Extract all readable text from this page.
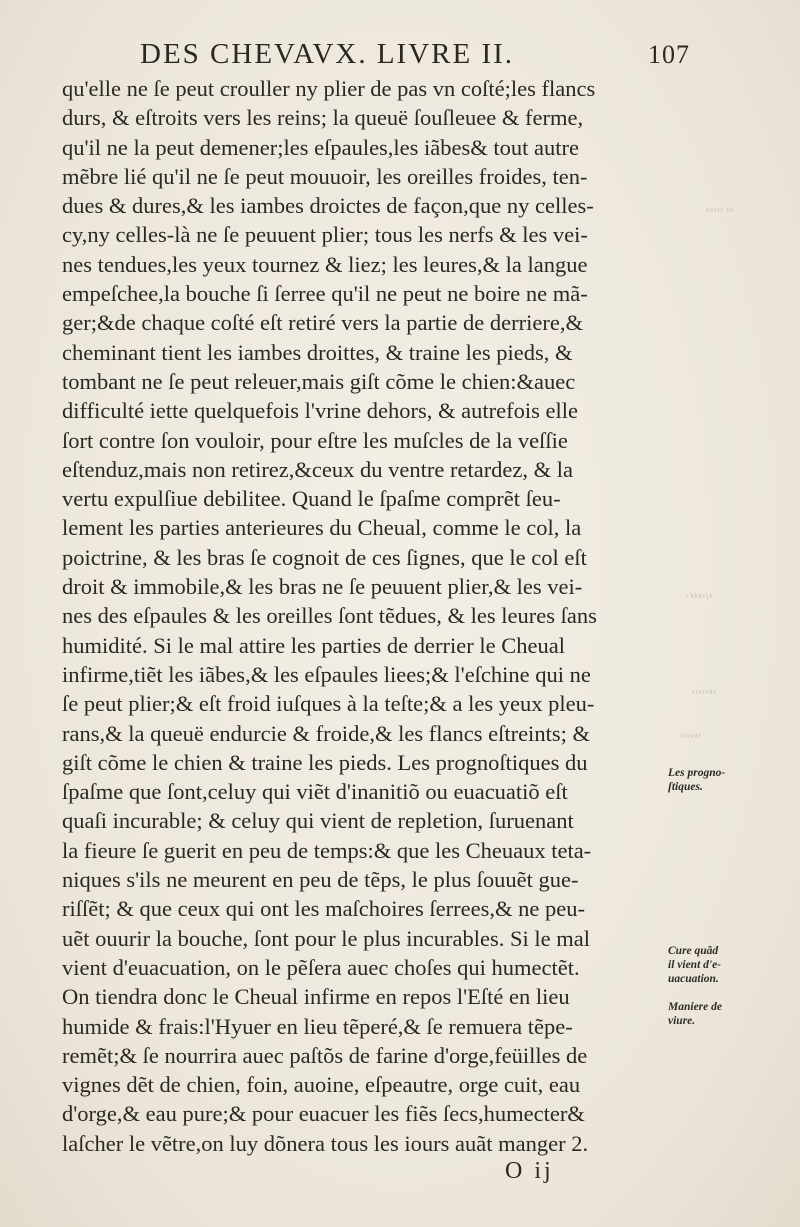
DES CHEVAVX. LIVRE II.	107
qu'elle ne ſe peut crouller ny plier de pas vn coſté;les flancs
durs, & eſtroits vers les reins; la queuë ſouſleuee & ferme,
qu'il ne la peut demener;les eſpaules,les iãbes& tout autre
mẽbre lié qu'il ne ſe peut mouuoir, les oreilles froides, ten-
dues & dures,& les iambes droictes de façon,que ny celles-
cy,ny celles-là ne ſe peuuent plier; tous les nerfs & les vei-
nes tendues,les yeux tournez & liez; les leures,& la langue
empeſchee,la bouche ſi ſerree qu'il ne peut ne boire ne mã-
ger;&de chaque coſté eſt retiré vers la partie de derriere,&
cheminant tient les iambes droittes, & traine les pieds, &
tombant ne ſe peut releuer,mais giſt cõme le chien:&auec
difficulté iette quelquefois l'vrine dehors, & autrefois elle
ſort contre ſon vouloir, pour eſtre les muſcles de la veſſie
eſtenduz,mais non retirez,&ceux du ventre retardez, & la
vertu expulſiue debilitee. Quand le ſpaſme comprẽt ſeu-
lement les parties anterieures du Cheual, comme le col, la
poictrine, & les bras ſe cognoit de ces ſignes, que le col eſt
droit & immobile,& les bras ne ſe peuuent plier,& les vei-
nes des eſpaules & les oreilles ſont tẽdues, & les leures ſans
humidité. Si le mal attire les parties de derrier le Cheual
infirme,tiẽt les iãbes,& les eſpaules liees;& l'eſchine qui ne
ſe peut plier;& eſt froid iuſques à la teſte;& a les yeux pleu-
rans,& la queuë endurcie & froide,& les flancs eſtreints; &
giſt cõme le chien & traine les pieds. Les prognoſtiques du
ſpaſme que ſont,celuy qui viẽt d'inanitiõ ou euacuatiõ eſt
quaſi incurable; & celuy qui vient de repletion, ſuruenant
la fieure ſe guerit en peu de temps:& que les Cheuaux teta-
niques s'ils ne meurent en peu de tẽps, le plus ſouuẽt gue-
riſſẽt; & que ceux qui ont les maſchoires ſerrees,& ne peu-
uẽt ouurir la bouche, ſont pour le plus incurables. Si le mal
vient d'euacuation, on le pẽſera auec choſes qui humectẽt.
On tiendra donc le Cheual infirme en repos l'Eſté en lieu
humide & frais:l'Hyuer en lieu tẽperé,& ſe remuera tẽpe-
remẽt;& ſe nourrira auec paſtõs de farine d'orge,feüilles de
vignes dẽt de chien, foin, auoine, eſpeautre, orge cuit, eau
d'orge,& eau pure;& pour euacuer les fiẽs ſecs,humecter&
laſcher le vẽtre,on luy dõnera tous les iours auãt manger 2.
Les progno-
ſtiques.
Cure quãd
il vient d'e-
uacuation.
Maniere de
viure.
ᵛᵒᶜᵗᴵ ˢᵒ
·ᵏᵏᵏˢ\ᵏ
ᵛᶦᵛᶦᵛᵈᵉ
ᵛˡᵃᵛᵈᵉ
O ij
